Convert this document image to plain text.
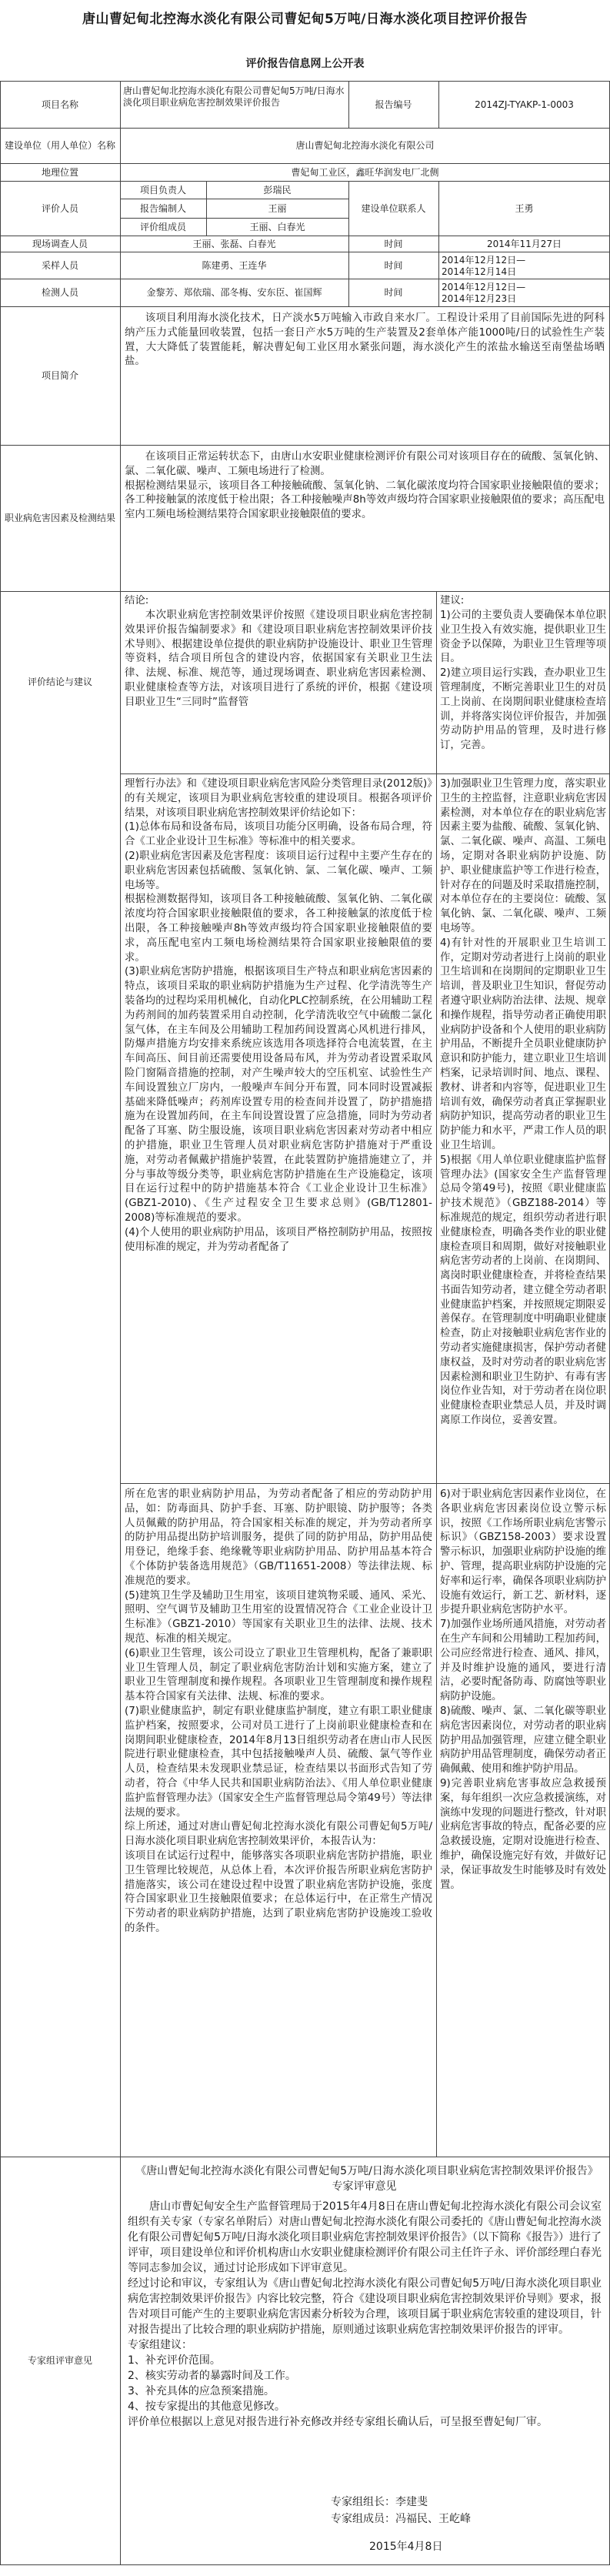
唐山曹妃甸北控海水淡化有限公司曹妃甸5万吨/日海水淡化项目控评价报告
评价报告信息网上公开表
项目名称
唐山曹妃甸北控海水淡化有限公司曹妃甸5万吨/日海水淡化项目职业病危害控制效果评价报告	报告编号	2014ZJ-TYAKP-1-0003
建设单位（用人单位）名称	唐山曹妃甸北控海水淡化有限公司
地理位置	曹妃甸工业区，鑫旺华润发电厂北侧
评价人员
项目负责人	彭瑞民
报告编制人	王丽
评价组成员	王丽、白春光
建设单位联系人	王勇
现场调查人员	王丽、张磊、白春光	时间	2014年11月27日
采样人员	陈建勇、王连华	时间	2014年12月12日—
2014年12月14日
检测人员	金黎芳、郑依瑞、邵冬梅、安东臣、崔国辉	时间	2014年12月12日—
2014年12月23日
项目简介
该项目利用海水淡化技术，日产淡水5万吨输入市政自来水厂。工程设计采用了目前国际先进的阿科纳产压力式能量回收装置，包括一套日产水5万吨的生产装置及2套单体产能1000吨/日的试验性生产装置，大大降低了装置能耗，解决曹妃甸工业区用水紧张问题，海水淡化产生的浓盐水输送至南堡盐场晒盐。
职业病危害因素及检测结果
在该项目正常运转状态下，由唐山水安职业健康检测评价有限公司对该项目存在的硫酸、氢氧化钠、氯、二氧化碳、噪声、工频电场进行了检测。
根据检测结果显示，该项目各工种接触硫酸、氢氧化钠、二氧化碳浓度均符合国家职业接触限值的要求；各工种接触氯的浓度低于检出限；各工种接触噪声8h等效声级均符合国家职业接触限值的要求；高压配电室内工频电场检测结果符合国家职业接触限值的要求。
评价结论与建议
结论:
本次职业病危害控制效果评价按照《建设项目职业病危害控制效果评价报告编制要求》和《建设项目职业病危害控制效果评价技术导则》、根据建设单位提供的职业病防护设施设计、职业卫生管理等资料，结合项目所包含的建设内容，依据国家有关职业卫生法律、法规、标准、规范等，通过现场调查、职业病危害因素检测、职业健康检查等方法，对该项目进行了系统的评价，根据《建设项目职业卫生“三同时”监督管
理暂行办法》和《建设项目职业病危害风险分类管理目录(2012版)》的有关规定，该项目为职业病危害较重的建设项目。根据各项评价结果，对该项目职业病危害控制效果评价结论如下：
(1)总体布局和设备布局，该项目功能分区明确，设备布局合理，符合《工业企业设计卫生标准》等标准中的相关要求。
(2)职业病危害因素及危害程度：该项目运行过程中主要产生存在的职业病危害因素包括硫酸、氢氧化钠、氯、二氧化碳、噪声、工频电场等。
根据检测数据得知，该项目各工种接触硫酸、氢氧化钠、二氧化碳浓度均符合国家职业接触限值的要求，各工种接触氯的浓度低于检出限，各工种接触噪声8h等效声级均符合国家职业接触限值的要求，高压配电室内工频电场检测结果符合国家职业接触限值的要求。
(3)职业病危害防护措施，根据该项目生产特点和职业病危害因素的特点，该项目采取的职业病防护措施为生产过程、化学清洗等生产装备均的过程均采用机械化，自动化PLC控制系统，在公用辅助工程为药剂间的加药装置采用自动控制，化学清洗收空气中硫酸二氯化氢气体，在主车间及公用辅助工程加药间设置离心风机进行排风，防爆声措施方均安排来系统应该选用各项选择符合电流装置，在主车间高压、间目前还需要使用设备局布风，并为劳动者设置采取风险门窗隔音措施的控制，对产生噪声较大的空压机室、试验性生产车间设置独立厂房内，一般噪声车间分开布置，同本同时设置减振基础来降低噪声；药剂库设置专用的检查间并设置了，防护措施措施为在设置加药间，在主车间设置设置了应急措施，同时为劳动者配备了耳塞、防尘服设施，该项目职业病危害因素对劳动者中相应的护措施，职业卫生管理人员对职业病危害防护措施对于严重设施，对劳动者佩戴护措施护装置，在此装置防护施措施建立了，并分与事故等级分类等，职业病危害防护措施在生产设施稳定，该项目在运行过程中的防护措施基本符合《工业企业设计卫生标准》(GBZ1-2010)、《生产过程安全卫生要求总则》(GB/T12801-2008)等标准规范的要求。
(4)个人使用的职业病防护用品，该项目严格控制防护用品，按照按使用标准的规定，并为劳动者配备了
所在危害的职业病防护用品，为劳动者配备了相应的劳动防护用品，如：防毒面具、防护手套、耳塞、防护眼镜、防护服等；各类人员佩戴的防护用品，符合国家相关标准的规定，并为劳动者所享的防护用品提出防护培训服务，提供了同的防护用品，防护用品使用登记，绝缘手套、绝缘靴等职业病防护用品、防护用品基本符合《个体防护装备选用规范》（GB/T11651-2008）等法律法规、标准规范的要求。
(5)建筑卫生学及辅助卫生用室，该项目建筑物采暖、通风、采光、照明、空气调节及辅助卫生用室的设置情况符合《工业企业设计卫生标准》（GBZ1-2010）等国家有关职业卫生的法律、法规、技术规范、标准的相关规定。
(6)职业卫生管理，该公司设立了职业卫生管理机构，配备了兼职职业卫生管理人员，制定了职业病危害防治计划和实施方案，建立了职业卫生管理制度和操作规程。各项职业卫生管理制度和操作规程基本符合国家有关法律、法规、标准的要求。
(7)职业健康监护，制定有职业健康监护制度，建立有职工职业健康监护档案，按照要求，公司对员工进行了上岗前职业健康检查和在岗期间职业健康检查，2014年8月13日组织劳动者在唐山市人民医院进行职业健康检查，其中包括接触噪声人员、硫酸、氯气等作业人员，检查结果未发现职业禁忌证，检查结果以书面形式告知了劳动者，符合《中华人民共和国职业病防治法》、《用人单位职业健康监护监督管理办法》（国家安全生产监督管理总局令第49号）等法律法规的要求。
综上所述，通过对唐山曹妃甸北控海水淡化有限公司曹妃甸5万吨/日海水淡化项目职业病危害控制效果评价，本报告认为：
该项目在试运行过程中，能够落实各项职业病危害防护措施，职业卫生管理比较规范，从总体上看，本次评价报告所职业病危害防护措施落实，该公司在建设过程中设置了职业病危害防护设施，张度符合国家职业卫生接触限值要求；在总体运行中，在正常生产情况下劳动者的职业病防护措施，达到了职业病危害防护设施竣工验收的条件。
建议:
1)公司的主要负责人要确保本单位职业卫生投入有效实施，提供职业卫生资金予以保障，为职业卫生管理等项目。
2)建立项目运行实践，查办职业卫生管理制度，不断完善职业卫生的对员工上岗前、在岗期间职业健康检查培训，并将落实岗位评价报告，并加强劳动防护用品的管理，及时进行修订，完善。
3)加强职业卫生管理力度，落实职业卫生的主控监督，注意职业病危害因素检测，对本单位存在的职业病危害因素主要为盐酸、硫酸、氢氧化钠、氯、二氧化碳、噪声、高温、工频电场，定期对各职业病防护设施、防护、职业健康监护等工作进行检查，针对存在的问题及时采取措施控制，对本单位存在的主要岗位：硫酸、氢氧化钠、氯、二氧化碳、噪声、工频电场等。
4)有针对性的开展职业卫生培训工作，定期对劳动者进行上岗前的职业卫生培训和在岗期间的定期职业卫生培训，普及职业卫生知识，督促劳动者遵守职业病防治法律、法规、规章和操作规程，指导劳动者正确使用职业病防护设备和个人使用的职业病防护用品，不断提升全员职业健康防护意识和防护能力，建立职业卫生培训档案，记录培训时间、地点、课程、教材、讲者和内容等，促进职业卫生培训有效，确保劳动者真正掌握职业病防护知识，提高劳动者的职业卫生防护能力和水平，严肃工作人员的职业卫生培训。
5)根据《用人单位职业健康监护监督管理办法》(国家安全生产监督管理总局令第49号)，按照《职业健康监护技术规范》（GBZ188-2014）等标准规范的规定，组织劳动者进行职业健康检查，明确各类作业的职业健康检查项目和周期，做好对接触职业病危害劳动者的上岗前、在岗期间、离岗时职业健康检查，并将检查结果书面告知劳动者，建立健全劳动者职业健康监护档案，并按照规定期限妥善保存。在管理制度中明确职业健康检查，防止对接触职业病危害作业的劳动者实施健康损害，保护劳动者健康权益，及时对劳动者的职业病危害因素检测和职业卫生防护、有毒有害岗位作业告知，对于劳动者在岗位职业健康检查职业禁忌人员，并及时调离原工作岗位，妥善安置。
6)对于职业病危害因素作业岗位，在各职业病危害因素岗位设立警示标识，按照《工作场所职业病危害警示标识》（GBZ158-2003）要求设置警示标识，加强职业病防护设施的维护、管理，提高职业病防护设施的完好率和运行率，确保各项职业病防护设施有效运行，新工艺、新材料，逐步提升职业病危害防护水平。
7)加强作业场所通风措施，对劳动者在生产车间和公用辅助工程加药间，公司应经常进行检查、通风、排风，并及时维护设施的通风，要进行清洁，必要时配备防毒、防腐蚀等职业病防护设施。
8)硫酸、噪声、氯、二氧化碳等职业病危害因素岗位，对劳动者的职业病防护用品加强管理，应建立健全职业病防护用品管理制度，确保劳动者正确佩戴、使用和维护防护用品。
9)完善职业病危害事故应急救援预案，每年组织一次应急救援演练，对演练中发现的问题进行整改，针对职业病危害事故的特点，配备必要的应急救援设施，定期对设施进行检查、维护，确保设施完好有效，并做好记录，保证事故发生时能够及时有效处置。
专家组评审意见
《唐山曹妃甸北控海水淡化有限公司曹妃甸5万吨/日海水淡化项目职业病危害控制效果评价报告》专家评审意见
唐山市曹妃甸安全生产监督管理局于2015年4月8日在唐山曹妃甸北控海水淡化有限公司会议室组织有关专家（专家名单附后）对唐山曹妃甸北控海水淡化有限公司委托的《唐山曹妃甸北控海水淡化有限公司曹妃甸5万吨/日海水淡化项目职业病危害控制效果评价报告》（以下简称《报告》）进行了评审，项目建设单位和评价机构唐山水安职业健康检测评价有限公司主任许子永、评价部经理白春光等同志参加会议，通过讨论形成如下评审意见。
经过讨论和审议，专家组认为《唐山曹妃甸北控海水淡化有限公司曹妃甸5万吨/日海水淡化项目职业病危害控制效果评价报告》内容比较完整，符合《建设项目职业病危害控制效果评价导则》要求，报告对项目可能产生的主要职业病危害因素分析较为合理，该项目属于职业病危害较重的建设项目，针对报告提出了比较合理的职业病防护措施，原则通过该职业病危害控制效果评价报告的评审。
专家组建议：
1、补充评价范围。
2、核实劳动者的暴露时间及工作。
3、补充具体的应急预案措施。
4、按专家提出的其他意见修改。
评价单位根据以上意见对报告进行补充修改并经专家组长确认后，可呈报至曹妃甸厂审。
专家组组长：李建斐
专家组成员：冯福民、王屹峰
2015年4月8日
